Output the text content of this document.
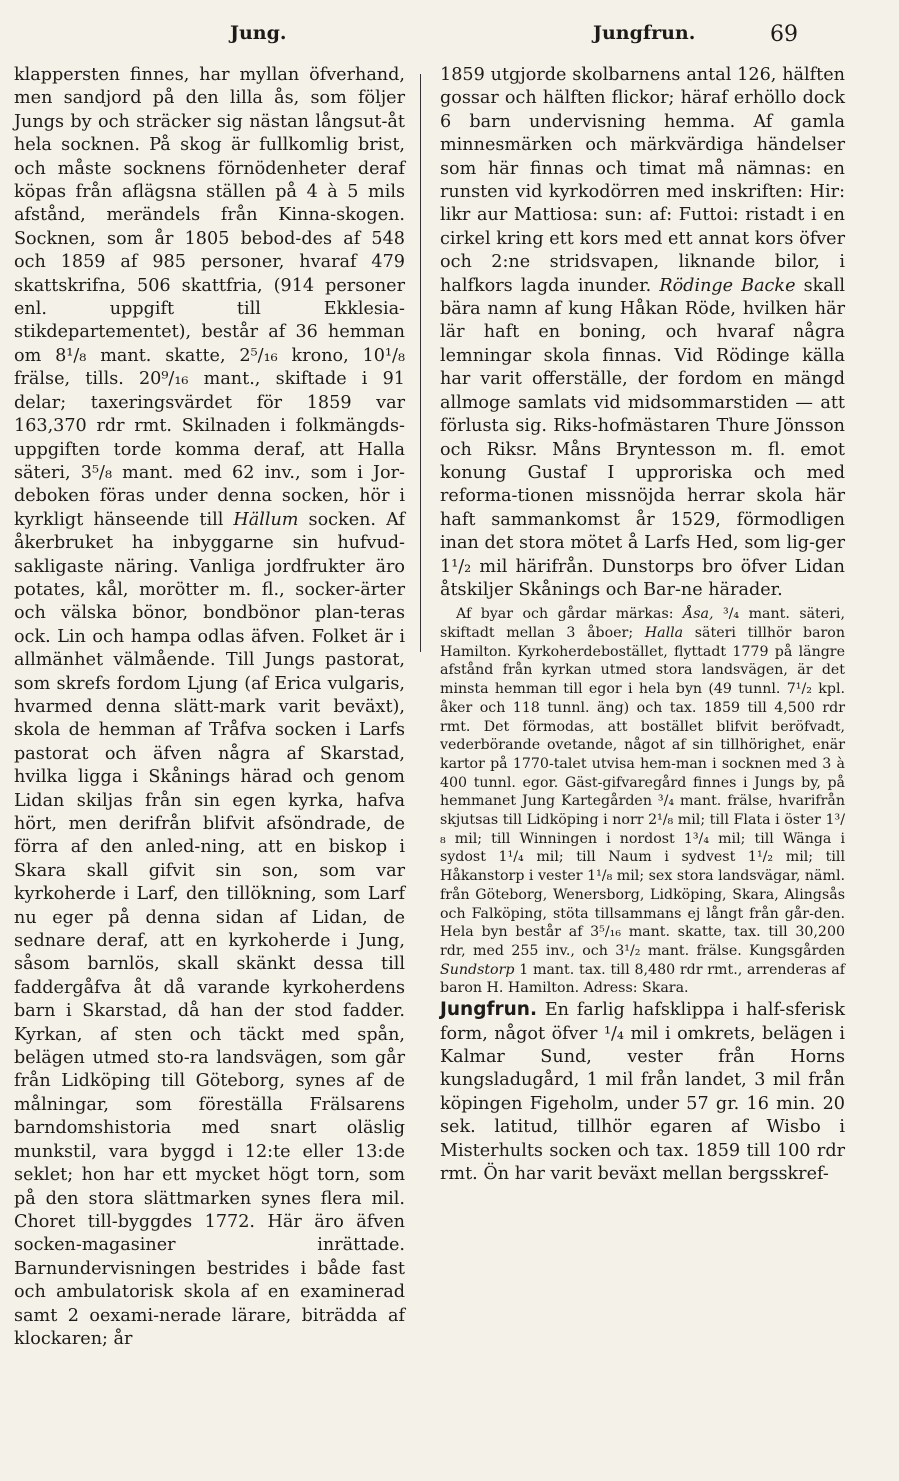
Jung.	Jungfrun.	69

klappersten finnes, har myllan öfverhand, men sandjord på den lilla ås, som följer Jungs by och sträcker sig nästan långsut-åt hela socknen. På skog är fullkomlig brist, och måste socknens förnödenheter deraf köpas från aflägsna ställen på 4 à 5 mils afstånd, merändels från Kinna-skogen. Socknen, som år 1805 bebod-des af 548 och 1859 af 985 personer, hvaraf 479 skattskrifna, 506 skattfria, (914 personer enl. uppgift till Ekklesia-stikdepartementet), består af 36 hemman om 8¹/₈ mant. skatte, 2⁵/₁₆ krono, 10¹/₈ frälse, tills. 20⁹/₁₆ mant., skiftade i 91 delar; taxeringsvärdet för 1859 var 163,370 rdr rmt. Skilnaden i folkmängds-uppgiften torde komma deraf, att Halla säteri, 3⁵/₈ mant. med 62 inv., som i Jor-deboken föras under denna socken, hör i kyrkligt hänseende till Hällum socken. Af åkerbruket ha inbyggarne sin hufvud-sakligaste näring. Vanliga jordfrukter äro potates, kål, morötter m. fl., socker-ärter och välska bönor, bondbönor plan-teras ock. Lin och hampa odlas äfven. Folket är i allmänhet välmående. Till Jungs pastorat, som skrefs fordom Ljung (af Erica vulgaris, hvarmed denna slätt-mark varit beväxt), skola de hemman af Tråfva socken i Larfs pastorat och äfven några af Skarstad, hvilka ligga i Skånings härad och genom Lidan skiljas från sin egen kyrka, hafva hört, men derifrån blifvit afsöndrade, de förra af den anled-ning, att en biskop i Skara skall gifvit sin son, som var kyrkoherde i Larf, den tillökning, som Larf nu eger på denna sidan af Lidan, de sednare deraf, att en kyrkoherde i Jung, såsom barnlös, skall skänkt dessa till faddergåfva åt då varande kyrkoherdens barn i Skarstad, då han der stod fadder. Kyrkan, af sten och täckt med spån, belägen utmed sto-ra landsvägen, som går från Lidköping till Göteborg, synes af de målningar, som föreställa Frälsarens barndomshistoria med snart oläslig munkstil, vara byggd i 12:te eller 13:de seklet; hon har ett mycket högt torn, som på den stora slättmarken synes flera mil. Choret till-byggdes 1772. Här äro äfven socken-magasiner inrättade. Barnundervisningen bestrides i både fast och ambulatorisk skola af en examinerad samt 2 oexami-nerade lärare, biträdda af klockaren; år

1859 utgjorde skolbarnens antal 126, hälften gossar och hälften flickor; häraf erhöllo dock 6 barn undervisning hemma. Af gamla minnesmärken och märkvärdiga händelser som här finnas och timat må nämnas: en runsten vid kyrkodörren med inskriften: Hir: likr aur Mattiosa: sun: af: Futtoi: ristadt i en cirkel kring ett kors med ett annat kors öfver och 2:ne stridsvapen, liknande bilor, i halfkors lagda inunder. Rödinge Backe skall bära namn af kung Håkan Röde, hvilken här lär haft en boning, och hvaraf några lemningar skola finnas. Vid Rödinge källa har varit offerställe, der fordom en mängd allmoge samlats vid midsommarstiden — att förlusta sig. Riks-hofmästaren Thure Jönsson och Riksr. Måns Bryntesson m. fl. emot konung Gustaf I upproriska och med reforma-tionen missnöjda herrar skola här haft sammankomst år 1529, förmodligen inan det stora mötet å Larfs Hed, som lig-ger 1¹/₂ mil härifrån. Dunstorps bro öfver Lidan åtskiljer Skånings och Bar-ne härader.

Af byar och gårdar märkas: Åsa, ³/₄ mant. säteri, skiftadt mellan 3 åboer; Halla säteri tillhör baron Hamilton. Kyrkoherdebostället, flyttadt 1779 på längre afstånd från kyrkan utmed stora landsvägen, är det minsta hemman till egor i hela byn (49 tunnl. 7¹/₂ kpl. åker och 118 tunnl. äng) och tax. 1859 till 4,500 rdr rmt. Det förmodas, att bostället blifvit beröfvadt, vederbörande ovetande, något af sin tillhörighet, enär kartor på 1770-talet utvisa hem-man i socknen med 3 à 400 tunnl. egor. Gäst-gifvaregård finnes i Jungs by, på hemmanet Jung Kartegården ³/₄ mant. frälse, hvarifrån skjutsas till Lidköping i norr 2¹/₈ mil; till Flata i öster 1³/₈ mil; till Winningen i nordost 1³/₄ mil; till Wänga i sydost 1¹/₄ mil; till Naum i sydvest 1¹/₂ mil; till Håkanstorp i vester 1¹/₈ mil; sex stora landsvägar, näml. från Göteborg, Wenersborg, Lidköping, Skara, Alingsås och Falköping, stöta tillsammans ej långt från går-den. Hela byn består af 3⁵/₁₆ mant. skatte, tax. till 30,200 rdr, med 255 inv., och 3¹/₂ mant. frälse. Kungsgården Sundstorp 1 mant. tax. till 8,480 rdr rmt., arrenderas af baron H. Hamilton. Adress: Skara.

Jungfrun. En farlig hafsklippa i half-sferisk form, något öfver ¹/₄ mil i omkrets, belägen i Kalmar Sund, vester från Horns kungsladugård, 1 mil från landet, 3 mil från köpingen Figeholm, under 57 gr. 16 min. 20 sek. latitud, tillhör egaren af Wisbo i Misterhults socken och tax. 1859 till 100 rdr rmt. Ön har varit beväxt mellan bergsskref-
